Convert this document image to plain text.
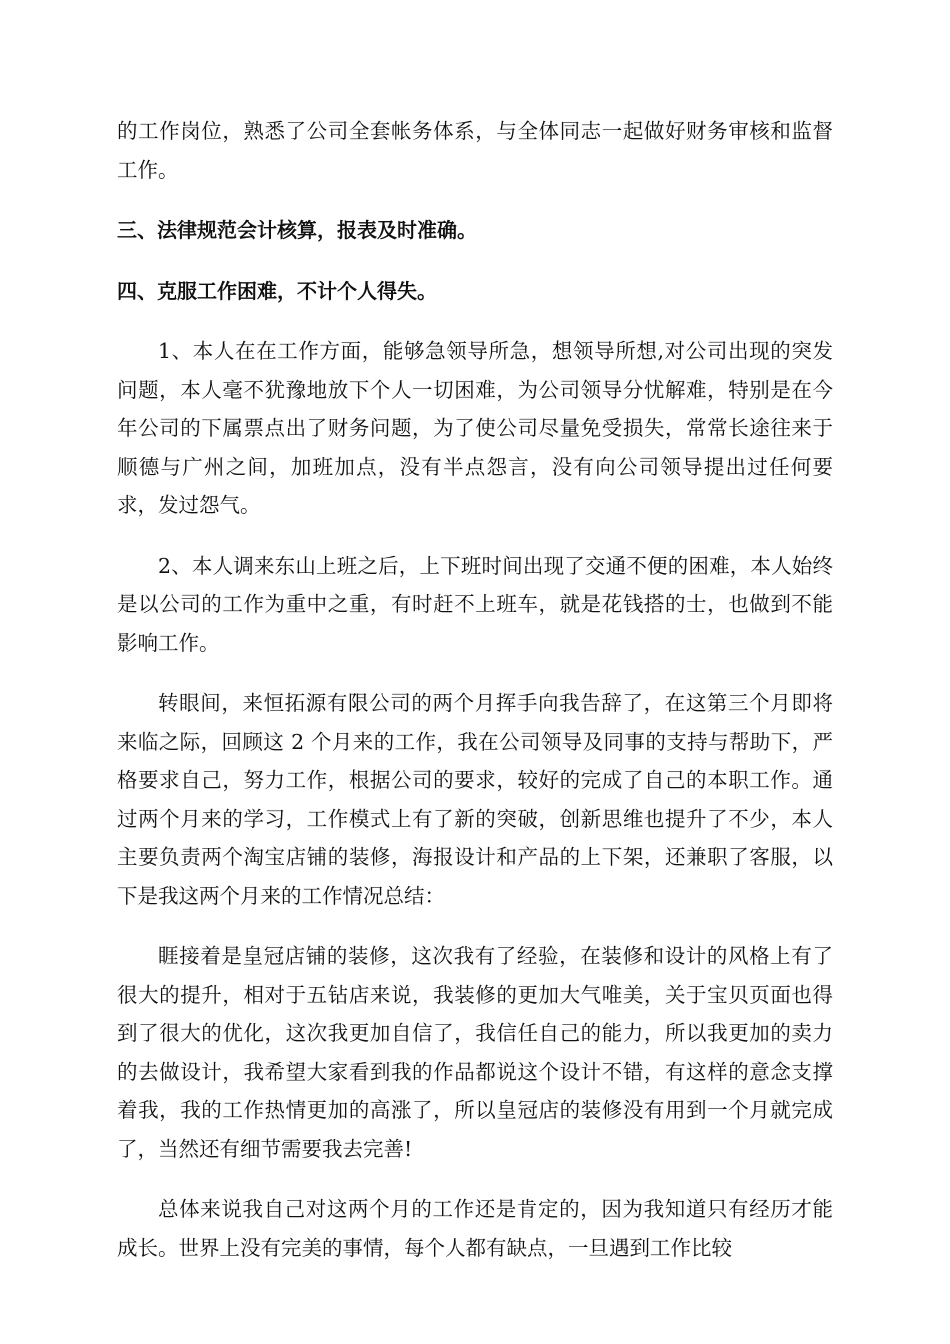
的工作岗位，熟悉了公司全套帐务体系，与全体同志一起做好财务审核和监督工作。

三、法律规范会计核算，报表及时准确。

四、克服工作困难，不计个人得失。

1、本人在在工作方面，能够急领导所急，想领导所想,对公司出现的突发问题，本人毫不犹豫地放下个人一切困难，为公司领导分忧解难，特别是在今年公司的下属票点出了财务问题，为了使公司尽量免受损失，常常长途往来于顺德与广州之间，加班加点，没有半点怨言，没有向公司领导提出过任何要求，发过怨气。

2、本人调来东山上班之后，上下班时间出现了交通不便的困难，本人始终是以公司的工作为重中之重，有时赶不上班车，就是花钱搭的士，也做到不能影响工作。

转眼间，来恒拓源有限公司的两个月挥手向我告辞了，在这第三个月即将来临之际，回顾这 2 个月来的工作，我在公司领导及同事的支持与帮助下，严格要求自己，努力工作，根据公司的要求，较好的完成了自己的本职工作。通过两个月来的学习，工作模式上有了新的突破，创新思维也提升了不少，本人主要负责两个淘宝店铺的装修，海报设计和产品的上下架，还兼职了客服，以下是我这两个月来的工作情况总结：

睚接着是皇冠店铺的装修，这次我有了经验，在装修和设计的风格上有了很大的提升，相对于五钻店来说，我装修的更加大气唯美，关于宝贝页面也得到了很大的优化，这次我更加自信了，我信任自己的能力，所以我更加的卖力的去做设计，我希望大家看到我的作品都说这个设计不错，有这样的意念支撑着我，我的工作热情更加的高涨了，所以皇冠店的装修没有用到一个月就完成了，当然还有细节需要我去完善!

总体来说我自己对这两个月的工作还是肯定的，因为我知道只有经历才能成长。世界上没有完美的事情，每个人都有缺点，一旦遇到工作比较
